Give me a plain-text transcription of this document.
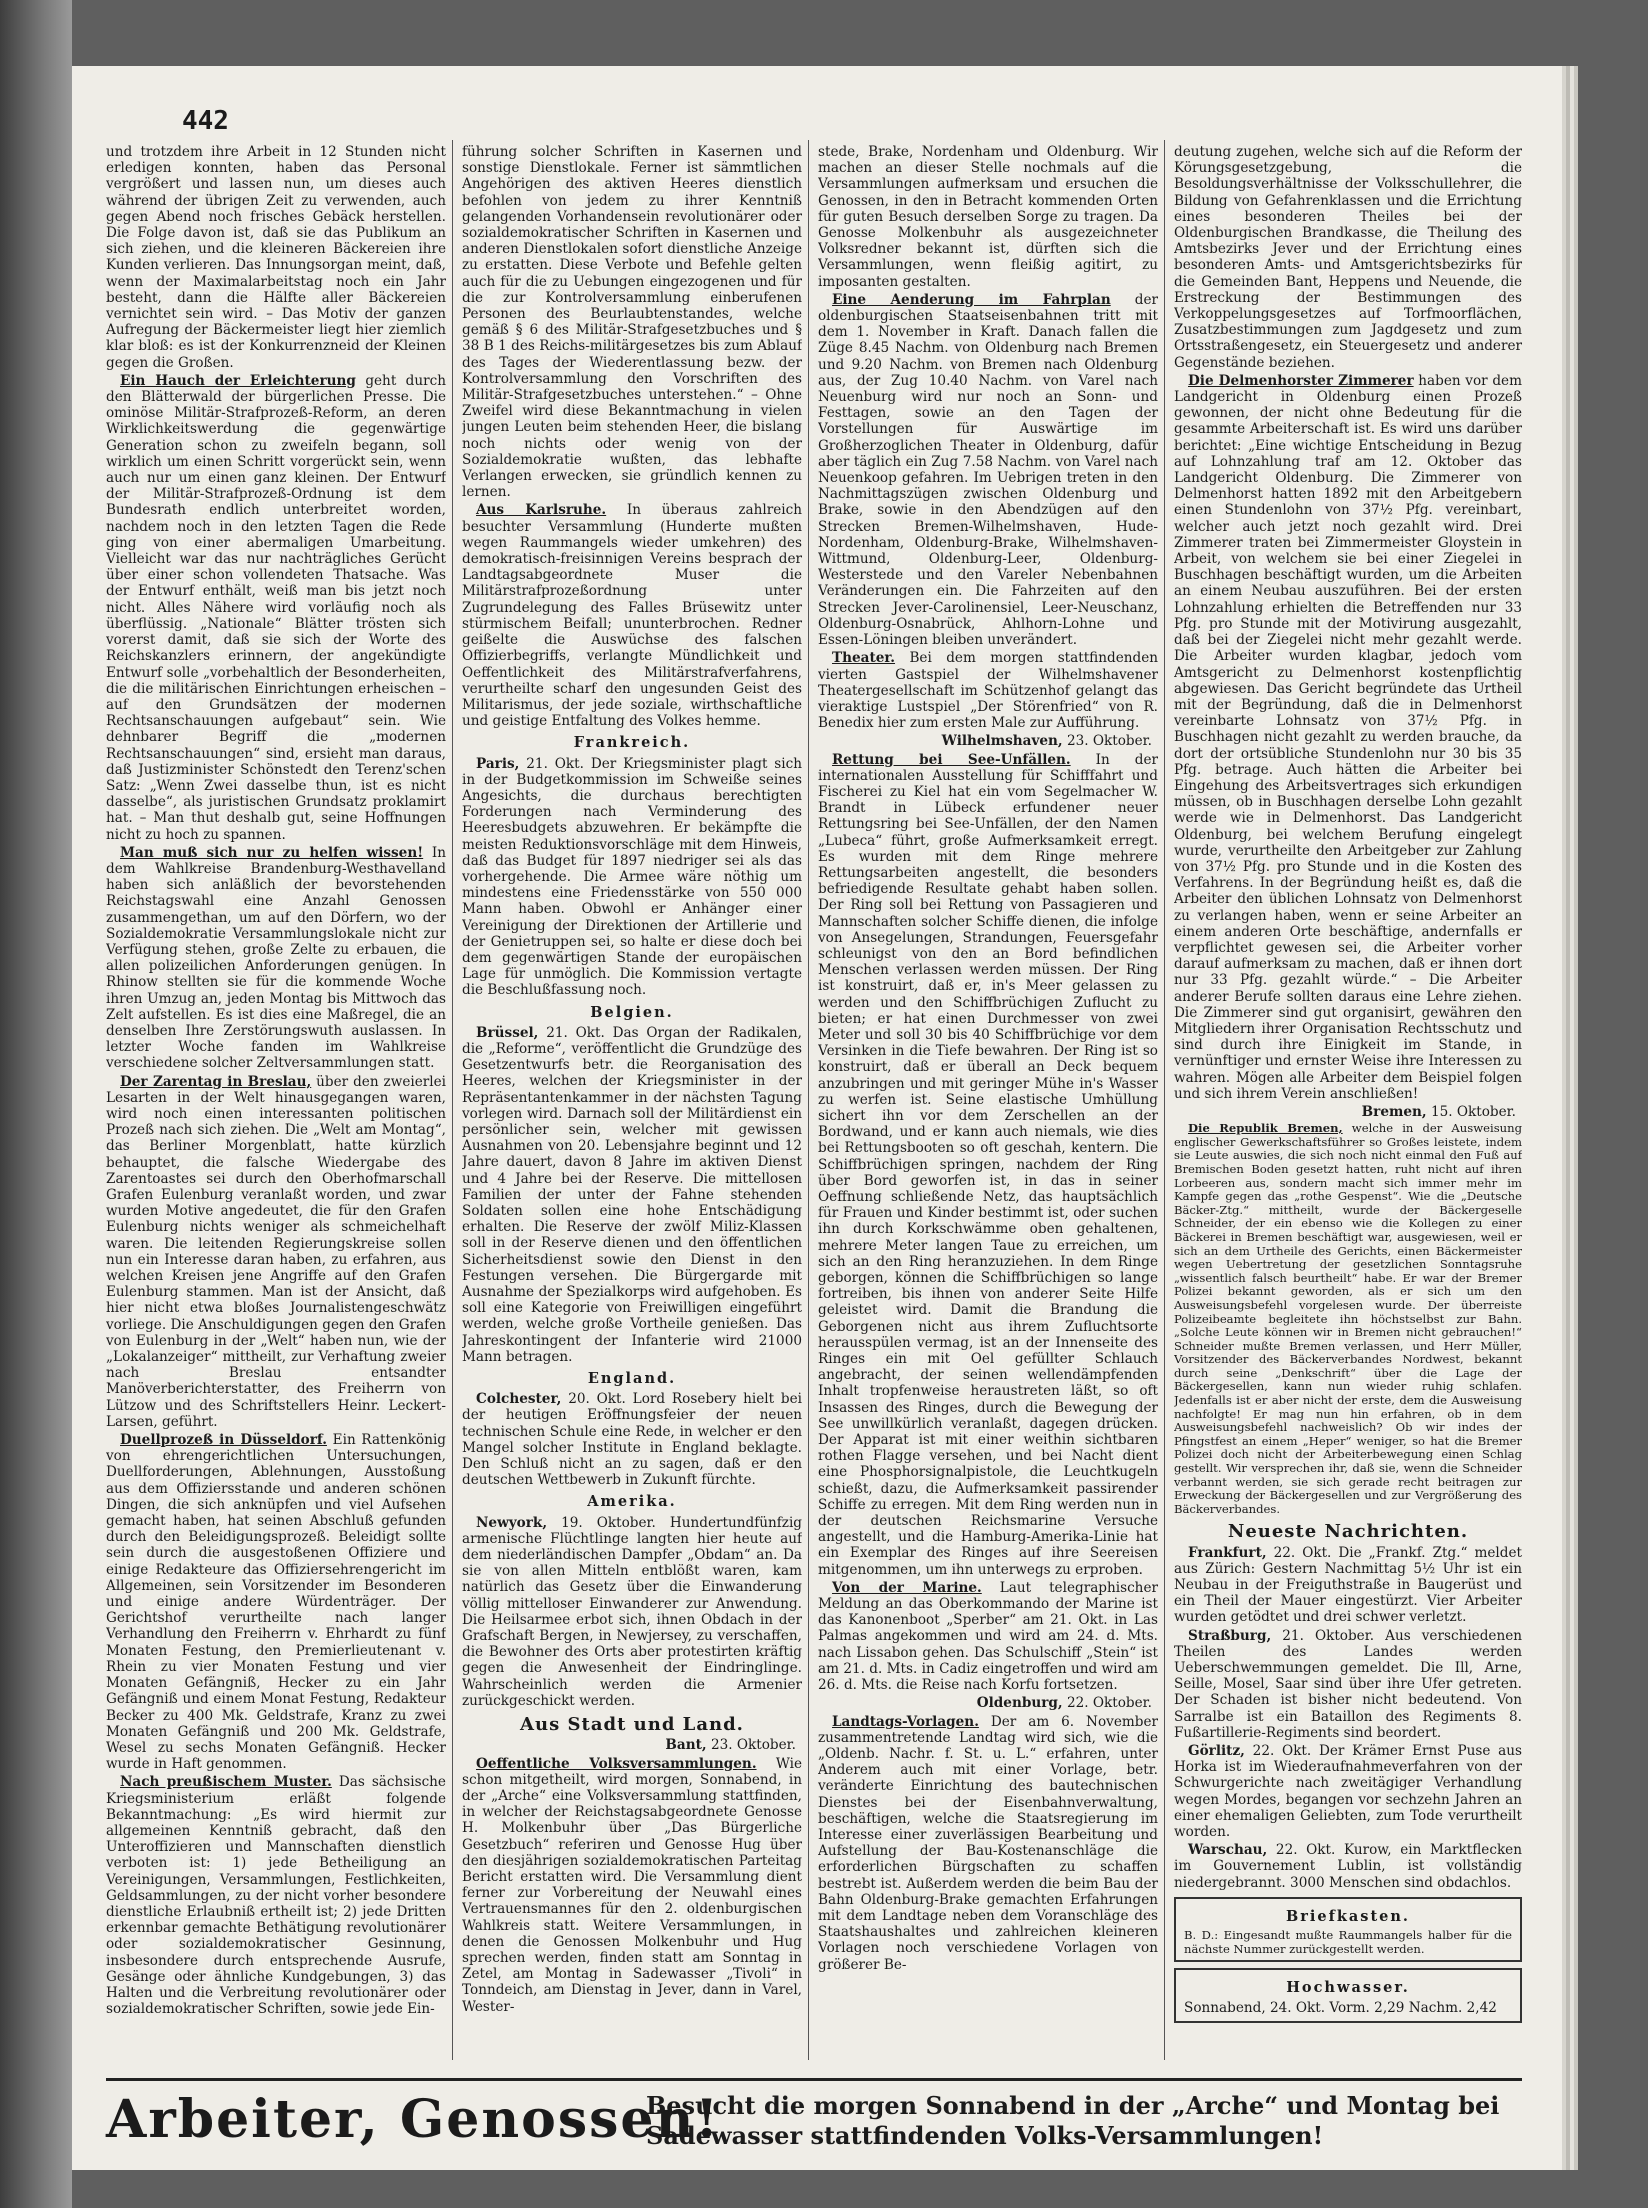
442

und trotzdem ihre Arbeit in 12 Stunden nicht erledigen konnten, haben das Personal vergrößert und lassen nun, um dieses auch während der übrigen Zeit zu verwenden, auch gegen Abend noch frisches Gebäck herstellen. Die Folge davon ist, daß sie das Publikum an sich ziehen, und die kleineren Bäckereien ihre Kunden verlieren. Das Innungsorgan meint, daß, wenn der Maximalarbeitstag noch ein Jahr besteht, dann die Hälfte aller Bäckereien vernichtet sein wird. – Das Motiv der ganzen Aufregung der Bäckermeister liegt hier ziemlich klar bloß: es ist der Konkurrenzneid der Kleinen gegen die Großen.

Ein Hauch der Erleichterung geht durch den Blätterwald der bürgerlichen Presse. Die ominöse Militär-Strafprozeß-Reform, an deren Wirklichkeitswerdung die gegenwärtige Generation schon zu zweifeln begann, soll wirklich um einen Schritt vorgerückt sein, wenn auch nur um einen ganz kleinen. Der Entwurf der Militär-Strafprozeß-Ordnung ist dem Bundesrath endlich unterbreitet worden, nachdem noch in den letzten Tagen die Rede ging von einer abermaligen Umarbeitung. Vielleicht war das nur nachträgliches Gerücht über einer schon vollendeten Thatsache. Was der Entwurf enthält, weiß man bis jetzt noch nicht. Alles Nähere wird vorläufig noch als überflüssig. „Nationale“ Blätter trösten sich vorerst damit, daß sie sich der Worte des Reichskanzlers erinnern, der angekündigte Entwurf solle „vorbehaltlich der Besonderheiten, die die militärischen Einrichtungen erheischen – auf den Grundsätzen der modernen Rechtsanschauungen aufgebaut“ sein. Wie dehnbarer Begriff die „modernen Rechtsanschauungen“ sind, ersieht man daraus, daß Justizminister Schönstedt den Terenz'schen Satz: „Wenn Zwei dasselbe thun, ist es nicht dasselbe“, als juristischen Grundsatz proklamirt hat. – Man thut deshalb gut, seine Hoffnungen nicht zu hoch zu spannen.

Man muß sich nur zu helfen wissen! In dem Wahlkreise Brandenburg-Westhavelland haben sich anläßlich der bevorstehenden Reichstagswahl eine Anzahl Genossen zusammengethan, um auf den Dörfern, wo der Sozialdemokratie Versammlungslokale nicht zur Verfügung stehen, große Zelte zu erbauen, die allen polizeilichen Anforderungen genügen. In Rhinow stellten sie für die kommende Woche ihren Umzug an, jeden Montag bis Mittwoch das Zelt aufstellen. Es ist dies eine Maßregel, die an denselben Ihre Zerstörungswuth auslassen. In letzter Woche fanden im Wahlkreise verschiedene solcher Zeltversammlungen statt.

Der Zarentag in Breslau, über den zweierlei Lesarten in der Welt hinausgegangen waren, wird noch einen interessanten politischen Prozeß nach sich ziehen. Die „Welt am Montag“, das Berliner Morgenblatt, hatte kürzlich behauptet, die falsche Wiedergabe des Zarentoastes sei durch den Oberhofmarschall Grafen Eulenburg veranlaßt worden, und zwar wurden Motive angedeutet, die für den Grafen Eulenburg nichts weniger als schmeichelhaft waren. Die leitenden Regierungskreise sollen nun ein Interesse daran haben, zu erfahren, aus welchen Kreisen jene Angriffe auf den Grafen Eulenburg stammen. Man ist der Ansicht, daß hier nicht etwa bloßes Journalistengeschwätz vorliege. Die Anschuldigungen gegen den Grafen von Eulenburg in der „Welt“ haben nun, wie der „Lokalanzeiger“ mittheilt, zur Verhaftung zweier nach Breslau entsandter Manöverberichterstatter, des Freiherrn von Lützow und des Schriftstellers Heinr. Leckert-Larsen, geführt.

Duellprozeß in Düsseldorf. Ein Rattenkönig von ehrengerichtlichen Untersuchungen, Duellforderungen, Ablehnungen, Ausstoßung aus dem Offiziersstande und anderen schönen Dingen, die sich anknüpfen und viel Aufsehen gemacht haben, hat seinen Abschluß gefunden durch den Beleidigungsprozeß. Beleidigt sollte sein durch die ausgestoßenen Offiziere und einige Redakteure das Offiziersehrengericht im Allgemeinen, sein Vorsitzender im Besonderen und einige andere Würdenträger. Der Gerichtshof verurtheilte nach langer Verhandlung den Freiherrn v. Ehrhardt zu fünf Monaten Festung, den Premierlieutenant v. Rhein zu vier Monaten Festung und vier Monaten Gefängniß, Hecker zu ein Jahr Gefängniß und einem Monat Festung, Redakteur Becker zu 400 Mk. Geldstrafe, Kranz zu zwei Monaten Gefängniß und 200 Mk. Geldstrafe, Wesel zu sechs Monaten Gefängniß. Hecker wurde in Haft genommen.

Nach preußischem Muster. Das sächsische Kriegsministerium erläßt folgende Bekanntmachung: „Es wird hiermit zur allgemeinen Kenntniß gebracht, daß den Unteroffizieren und Mannschaften dienstlich verboten ist: 1) jede Betheiligung an Vereinigungen, Versammlungen, Festlichkeiten, Geldsammlungen, zu der nicht vorher besondere dienstliche Erlaubniß ertheilt ist; 2) jede Dritten erkennbar gemachte Bethätigung revolutionärer oder sozialdemokratischer Gesinnung, insbesondere durch entsprechende Ausrufe, Gesänge oder ähnliche Kundgebungen, 3) das Halten und die Verbreitung revolutionärer oder sozialdemokratischer Schriften, sowie jede Ein-

führung solcher Schriften in Kasernen und sonstige Dienstlokale. Ferner ist sämmtlichen Angehörigen des aktiven Heeres dienstlich befohlen von jedem zu ihrer Kenntniß gelangenden Vorhandensein revolutionärer oder sozialdemokratischer Schriften in Kasernen und anderen Dienstlokalen sofort dienstliche Anzeige zu erstatten. Diese Verbote und Befehle gelten auch für die zu Uebungen eingezogenen und für die zur Kontrolversammlung einberufenen Personen des Beurlaubtenstandes, welche gemäß § 6 des Militär-Strafgesetzbuches und § 38 B 1 des Reichs-militärgesetzes bis zum Ablauf des Tages der Wiederentlassung bezw. der Kontrolversammlung den Vorschriften des Militär-Strafgesetzbuches unterstehen.“ – Ohne Zweifel wird diese Bekanntmachung in vielen jungen Leuten beim stehenden Heer, die bislang noch nichts oder wenig von der Sozialdemokratie wußten, das lebhafte Verlangen erwecken, sie gründlich kennen zu lernen.

Aus Karlsruhe. In überaus zahlreich besuchter Versammlung (Hunderte mußten wegen Raummangels wieder umkehren) des demokratisch-freisinnigen Vereins besprach der Landtagsabgeordnete Muser die Militärstrafprozeßordnung unter Zugrundelegung des Falles Brüsewitz unter stürmischem Beifall; ununterbrochen. Redner geißelte die Auswüchse des falschen Offizierbegriffs, verlangte Mündlichkeit und Oeffentlichkeit des Militärstrafverfahrens, verurtheilte scharf den ungesunden Geist des Militarismus, der jede soziale, wirthschaftliche und geistige Entfaltung des Volkes hemme.

Frankreich.

Paris, 21. Okt. Der Kriegsminister plagt sich in der Budgetkommission im Schweiße seines Angesichts, die durchaus berechtigten Forderungen nach Verminderung des Heeresbudgets abzuwehren. Er bekämpfte die meisten Reduktionsvorschläge mit dem Hinweis, daß das Budget für 1897 niedriger sei als das vorhergehende. Die Armee wäre nöthig um mindestens eine Friedensstärke von 550 000 Mann haben. Obwohl er Anhänger einer Vereinigung der Direktionen der Artillerie und der Genietruppen sei, so halte er diese doch bei dem gegenwärtigen Stande der europäischen Lage für unmöglich. Die Kommission vertagte die Beschlußfassung noch.

Belgien.

Brüssel, 21. Okt. Das Organ der Radikalen, die „Reforme“, veröffentlicht die Grundzüge des Gesetzentwurfs betr. die Reorganisation des Heeres, welchen der Kriegsminister in der Repräsentantenkammer in der nächsten Tagung vorlegen wird. Darnach soll der Militärdienst ein persönlicher sein, welcher mit gewissen Ausnahmen von 20. Lebensjahre beginnt und 12 Jahre dauert, davon 8 Jahre im aktiven Dienst und 4 Jahre bei der Reserve. Die mittellosen Familien der unter der Fahne stehenden Soldaten sollen eine hohe Entschädigung erhalten. Die Reserve der zwölf Miliz-Klassen soll in der Reserve dienen und den öffentlichen Sicherheitsdienst sowie den Dienst in den Festungen versehen. Die Bürgergarde mit Ausnahme der Spezialkorps wird aufgehoben. Es soll eine Kategorie von Freiwilligen eingeführt werden, welche große Vortheile genießen. Das Jahreskontingent der Infanterie wird 21000 Mann betragen.

England.

Colchester, 20. Okt. Lord Rosebery hielt bei der heutigen Eröffnungsfeier der neuen technischen Schule eine Rede, in welcher er den Mangel solcher Institute in England beklagte. Den Schluß nicht an zu sagen, daß er den deutschen Wettbewerb in Zukunft fürchte.

Amerika.

Newyork, 19. Oktober. Hundertundfünfzig armenische Flüchtlinge langten hier heute auf dem niederländischen Dampfer „Obdam“ an. Da sie von allen Mitteln entblößt waren, kam natürlich das Gesetz über die Einwanderung völlig mittelloser Einwanderer zur Anwendung. Die Heilsarmee erbot sich, ihnen Obdach in der Grafschaft Bergen, in Newjersey, zu verschaffen, die Bewohner des Orts aber protestirten kräftig gegen die Anwesenheit der Eindringlinge. Wahrscheinlich werden die Armenier zurückgeschickt werden.

Aus Stadt und Land.
Bant, 23. Oktober.

Oeffentliche Volksversammlungen. Wie schon mitgetheilt, wird morgen, Sonnabend, in der „Arche“ eine Volksversammlung stattfinden, in welcher der Reichstagsabgeordnete Genosse H. Molkenbuhr über „Das Bürgerliche Gesetzbuch“ referiren und Genosse Hug über den diesjährigen sozialdemokratischen Parteitag Bericht erstatten wird. Die Versammlung dient ferner zur Vorbereitung der Neuwahl eines Vertrauensmannes für den 2. oldenburgischen Wahlkreis statt. Weitere Versammlungen, in denen die Genossen Molkenbuhr und Hug sprechen werden, finden statt am Sonntag in Zetel, am Montag in Sadewasser „Tivoli“ in Tonndeich, am Dienstag in Jever, dann in Varel, Wester-

stede, Brake, Nordenham und Oldenburg. Wir machen an dieser Stelle nochmals auf die Versammlungen aufmerksam und ersuchen die Genossen, in den in Betracht kommenden Orten für guten Besuch derselben Sorge zu tragen. Da Genosse Molkenbuhr als ausgezeichneter Volksredner bekannt ist, dürften sich die Versammlungen, wenn fleißig agitirt, zu imposanten gestalten.

Eine Aenderung im Fahrplan der oldenburgischen Staatseisenbahnen tritt mit dem 1. November in Kraft. Danach fallen die Züge 8.45 Nachm. von Oldenburg nach Bremen und 9.20 Nachm. von Bremen nach Oldenburg aus, der Zug 10.40 Nachm. von Varel nach Neuenburg wird nur noch an Sonn- und Festtagen, sowie an den Tagen der Vorstellungen für Auswärtige im Großherzoglichen Theater in Oldenburg, dafür aber täglich ein Zug 7.58 Nachm. von Varel nach Neuenkoop gefahren. Im Uebrigen treten in den Nachmittagszügen zwischen Oldenburg und Brake, sowie in den Abendzügen auf den Strecken Bremen-Wilhelmshaven, Hude-Nordenham, Oldenburg-Brake, Wilhelmshaven-Wittmund, Oldenburg-Leer, Oldenburg-Westerstede und den Vareler Nebenbahnen Veränderungen ein. Die Fahrzeiten auf den Strecken Jever-Carolinensiel, Leer-Neuschanz, Oldenburg-Osnabrück, Ahlhorn-Lohne und Essen-Löningen bleiben unverändert.

Theater. Bei dem morgen stattfindenden vierten Gastspiel der Wilhelmshavener Theatergesellschaft im Schützenhof gelangt das vieraktige Lustspiel „Der Störenfried“ von R. Benedix hier zum ersten Male zur Aufführung.

Wilhelmshaven, 23. Oktober.

Rettung bei See-Unfällen. In der internationalen Ausstellung für Schifffahrt und Fischerei zu Kiel hat ein vom Segelmacher W. Brandt in Lübeck erfundener neuer Rettungsring bei See-Unfällen, der den Namen „Lubeca“ führt, große Aufmerksamkeit erregt. Es wurden mit dem Ringe mehrere Rettungsarbeiten angestellt, die besonders befriedigende Resultate gehabt haben sollen. Der Ring soll bei Rettung von Passagieren und Mannschaften solcher Schiffe dienen, die infolge von Ansegelungen, Strandungen, Feuersgefahr schleunigst von den an Bord befindlichen Menschen verlassen werden müssen. Der Ring ist konstruirt, daß er, in's Meer gelassen zu werden und den Schiffbrüchigen Zuflucht zu bieten; er hat einen Durchmesser von zwei Meter und soll 30 bis 40 Schiffbrüchige vor dem Versinken in die Tiefe bewahren. Der Ring ist so konstruirt, daß er überall an Deck bequem anzubringen und mit geringer Mühe in's Wasser zu werfen ist. Seine elastische Umhüllung sichert ihn vor dem Zerschellen an der Bordwand, und er kann auch niemals, wie dies bei Rettungsbooten so oft geschah, kentern. Die Schiffbrüchigen springen, nachdem der Ring über Bord geworfen ist, in das in seiner Oeffnung schließende Netz, das hauptsächlich für Frauen und Kinder bestimmt ist, oder suchen ihn durch Korkschwämme oben gehaltenen, mehrere Meter langen Taue zu erreichen, um sich an den Ring heranzuziehen. In dem Ringe geborgen, können die Schiffbrüchigen so lange fortreiben, bis ihnen von anderer Seite Hilfe geleistet wird. Damit die Brandung die Geborgenen nicht aus ihrem Zufluchtsorte herausspülen vermag, ist an der Innenseite des Ringes ein mit Oel gefüllter Schlauch angebracht, der seinen wellendämpfenden Inhalt tropfenweise heraustreten läßt, so oft Insassen des Ringes, durch die Bewegung der See unwillkürlich veranlaßt, dagegen drücken. Der Apparat ist mit einer weithin sichtbaren rothen Flagge versehen, und bei Nacht dient eine Phosphorsignalpistole, die Leuchtkugeln schießt, dazu, die Aufmerksamkeit passirender Schiffe zu erregen. Mit dem Ring werden nun in der deutschen Reichsmarine Versuche angestellt, und die Hamburg-Amerika-Linie hat ein Exemplar des Ringes auf ihre Seereisen mitgenommen, um ihn unterwegs zu erproben.

Von der Marine. Laut telegraphischer Meldung an das Oberkommando der Marine ist das Kanonenboot „Sperber“ am 21. Okt. in Las Palmas angekommen und wird am 24. d. Mts. nach Lissabon gehen. Das Schulschiff „Stein“ ist am 21. d. Mts. in Cadiz eingetroffen und wird am 26. d. Mts. die Reise nach Korfu fortsetzen.

Oldenburg, 22. Oktober.

Landtags-Vorlagen. Der am 6. November zusammentretende Landtag wird sich, wie die „Oldenb. Nachr. f. St. u. L.“ erfahren, unter Anderem auch mit einer Vorlage, betr. veränderte Einrichtung des bautechnischen Dienstes bei der Eisenbahnverwaltung, beschäftigen, welche die Staatsregierung im Interesse einer zuverlässigen Bearbeitung und Aufstellung der Bau-Kostenanschläge die erforderlichen Bürgschaften zu schaffen bestrebt ist. Außerdem werden die beim Bau der Bahn Oldenburg-Brake gemachten Erfahrungen mit dem Landtage neben dem Voranschläge des Staatshaushaltes und zahlreichen kleineren Vorlagen noch verschiedene Vorlagen von größerer Be-

deutung zugehen, welche sich auf die Reform der Körungsgesetzgebung, die Besoldungsverhältnisse der Volksschullehrer, die Bildung von Gefahrenklassen und die Errichtung eines besonderen Theiles bei der Oldenburgischen Brandkasse, die Theilung des Amtsbezirks Jever und der Errichtung eines besonderen Amts- und Amtsgerichtsbezirks für die Gemeinden Bant, Heppens und Neuende, die Erstreckung der Bestimmungen des Verkoppelungsgesetzes auf Torfmoorflächen, Zusatzbestimmungen zum Jagdgesetz und zum Ortsstraßengesetz, ein Steuergesetz und anderer Gegenstände beziehen.

Die Delmenhorster Zimmerer haben vor dem Landgericht in Oldenburg einen Prozeß gewonnen, der nicht ohne Bedeutung für die gesammte Arbeiterschaft ist. Es wird uns darüber berichtet: „Eine wichtige Entscheidung in Bezug auf Lohnzahlung traf am 12. Oktober das Landgericht Oldenburg. Die Zimmerer von Delmenhorst hatten 1892 mit den Arbeitgebern einen Stundenlohn von 37½ Pfg. vereinbart, welcher auch jetzt noch gezahlt wird. Drei Zimmerer traten bei Zimmermeister Gloystein in Arbeit, von welchem sie bei einer Ziegelei in Buschhagen beschäftigt wurden, um die Arbeiten an einem Neubau auszuführen. Bei der ersten Lohnzahlung erhielten die Betreffenden nur 33 Pfg. pro Stunde mit der Motivirung ausgezahlt, daß bei der Ziegelei nicht mehr gezahlt werde. Die Arbeiter wurden klagbar, jedoch vom Amtsgericht zu Delmenhorst kostenpflichtig abgewiesen. Das Gericht begründete das Urtheil mit der Begründung, daß die in Delmenhorst vereinbarte Lohnsatz von 37½ Pfg. in Buschhagen nicht gezahlt zu werden brauche, da dort der ortsübliche Stundenlohn nur 30 bis 35 Pfg. betrage. Auch hätten die Arbeiter bei Eingehung des Arbeitsvertrages sich erkundigen müssen, ob in Buschhagen derselbe Lohn gezahlt werde wie in Delmenhorst. Das Landgericht Oldenburg, bei welchem Berufung eingelegt wurde, verurtheilte den Arbeitgeber zur Zahlung von 37½ Pfg. pro Stunde und in die Kosten des Verfahrens. In der Begründung heißt es, daß die Arbeiter den üblichen Lohnsatz von Delmenhorst zu verlangen haben, wenn er seine Arbeiter an einem anderen Orte beschäftige, andernfalls er verpflichtet gewesen sei, die Arbeiter vorher darauf aufmerksam zu machen, daß er ihnen dort nur 33 Pfg. gezahlt würde.“ – Die Arbeiter anderer Berufe sollten daraus eine Lehre ziehen. Die Zimmerer sind gut organisirt, gewähren den Mitgliedern ihrer Organisation Rechtsschutz und sind durch ihre Einigkeit im Stande, in vernünftiger und ernster Weise ihre Interessen zu wahren. Mögen alle Arbeiter dem Beispiel folgen und sich ihrem Verein anschließen!

Bremen, 15. Oktober.

Die Republik Bremen, welche in der Ausweisung englischer Gewerkschaftsführer so Großes leistete, indem sie Leute auswies, die sich noch nicht einmal den Fuß auf Bremischen Boden gesetzt hatten, ruht nicht auf ihren Lorbeeren aus, sondern macht sich immer mehr im Kampfe gegen das „rothe Gespenst“. Wie die „Deutsche Bäcker-Ztg.“ mittheilt, wurde der Bäckergeselle Schneider, der ein ebenso wie die Kollegen zu einer Bäckerei in Bremen beschäftigt war, ausgewiesen, weil er sich an dem Urtheile des Gerichts, einen Bäckermeister wegen Uebertretung der gesetzlichen Sonntagsruhe „wissentlich falsch beurtheilt“ habe. Er war der Bremer Polizei bekannt geworden, als er sich um den Ausweisungsbefehl vorgelesen wurde. Der überreiste Polizeibeamte begleitete ihn höchstselbst zur Bahn. „Solche Leute können wir in Bremen nicht gebrauchen!“ Schneider mußte Bremen verlassen, und Herr Müller, Vorsitzender des Bäckerverbandes Nordwest, bekannt durch seine „Denkschrift“ über die Lage der Bäckergesellen, kann nun wieder ruhig schlafen. Jedenfalls ist er aber nicht der erste, dem die Ausweisung nachfolgte! Er mag nun hin erfahren, ob in dem Ausweisungsbefehl nachweislich? Ob wir indes der Pfingstfest an einem „Heper“ weniger, so hat die Bremer Polizei doch nicht der Arbeiterbewegung einen Schlag gestellt. Wir versprechen ihr, daß sie, wenn die Schneider verbannt werden, sie sich gerade recht beitragen zur Erweckung der Bäckergesellen und zur Vergrößerung des Bäckerverbandes.

Neueste Nachrichten.

Frankfurt, 22. Okt. Die „Frankf. Ztg.“ meldet aus Zürich: Gestern Nachmittag 5½ Uhr ist ein Neubau in der Freiguthstraße in Baugerüst und ein Theil der Mauer eingestürzt. Vier Arbeiter wurden getödtet und drei schwer verletzt.

Straßburg, 21. Oktober. Aus verschiedenen Theilen des Landes werden Ueberschwemmungen gemeldet. Die Ill, Arne, Seille, Mosel, Saar sind über ihre Ufer getreten. Der Schaden ist bisher nicht bedeutend. Von Sarralbe ist ein Bataillon des Regiments 8. Fußartillerie-Regiments sind beordert.

Görlitz, 22. Okt. Der Krämer Ernst Puse aus Horka ist im Wiederaufnahmeverfahren von der Schwurgerichte nach zweitägiger Verhandlung wegen Mordes, begangen vor sechzehn Jahren an einer ehemaligen Geliebten, zum Tode verurtheilt worden.

Warschau, 22. Okt. Kurow, ein Marktflecken im Gouvernement Lublin, ist vollständig niedergebrannt. 3000 Menschen sind obdachlos.

Briefkasten.
B. D.: Eingesandt mußte Raummangels halber für die nächste Nummer zurückgestellt werden.
Hochwasser.
Sonnabend, 24. Okt. Vorm. 2,29 Nachm. 2,42
Arbeiter, Genossen!
Besucht die morgen Sonnabend in der „Arche“ und Montag bei Sadewasser stattfindenden Volks-Versammlungen!
